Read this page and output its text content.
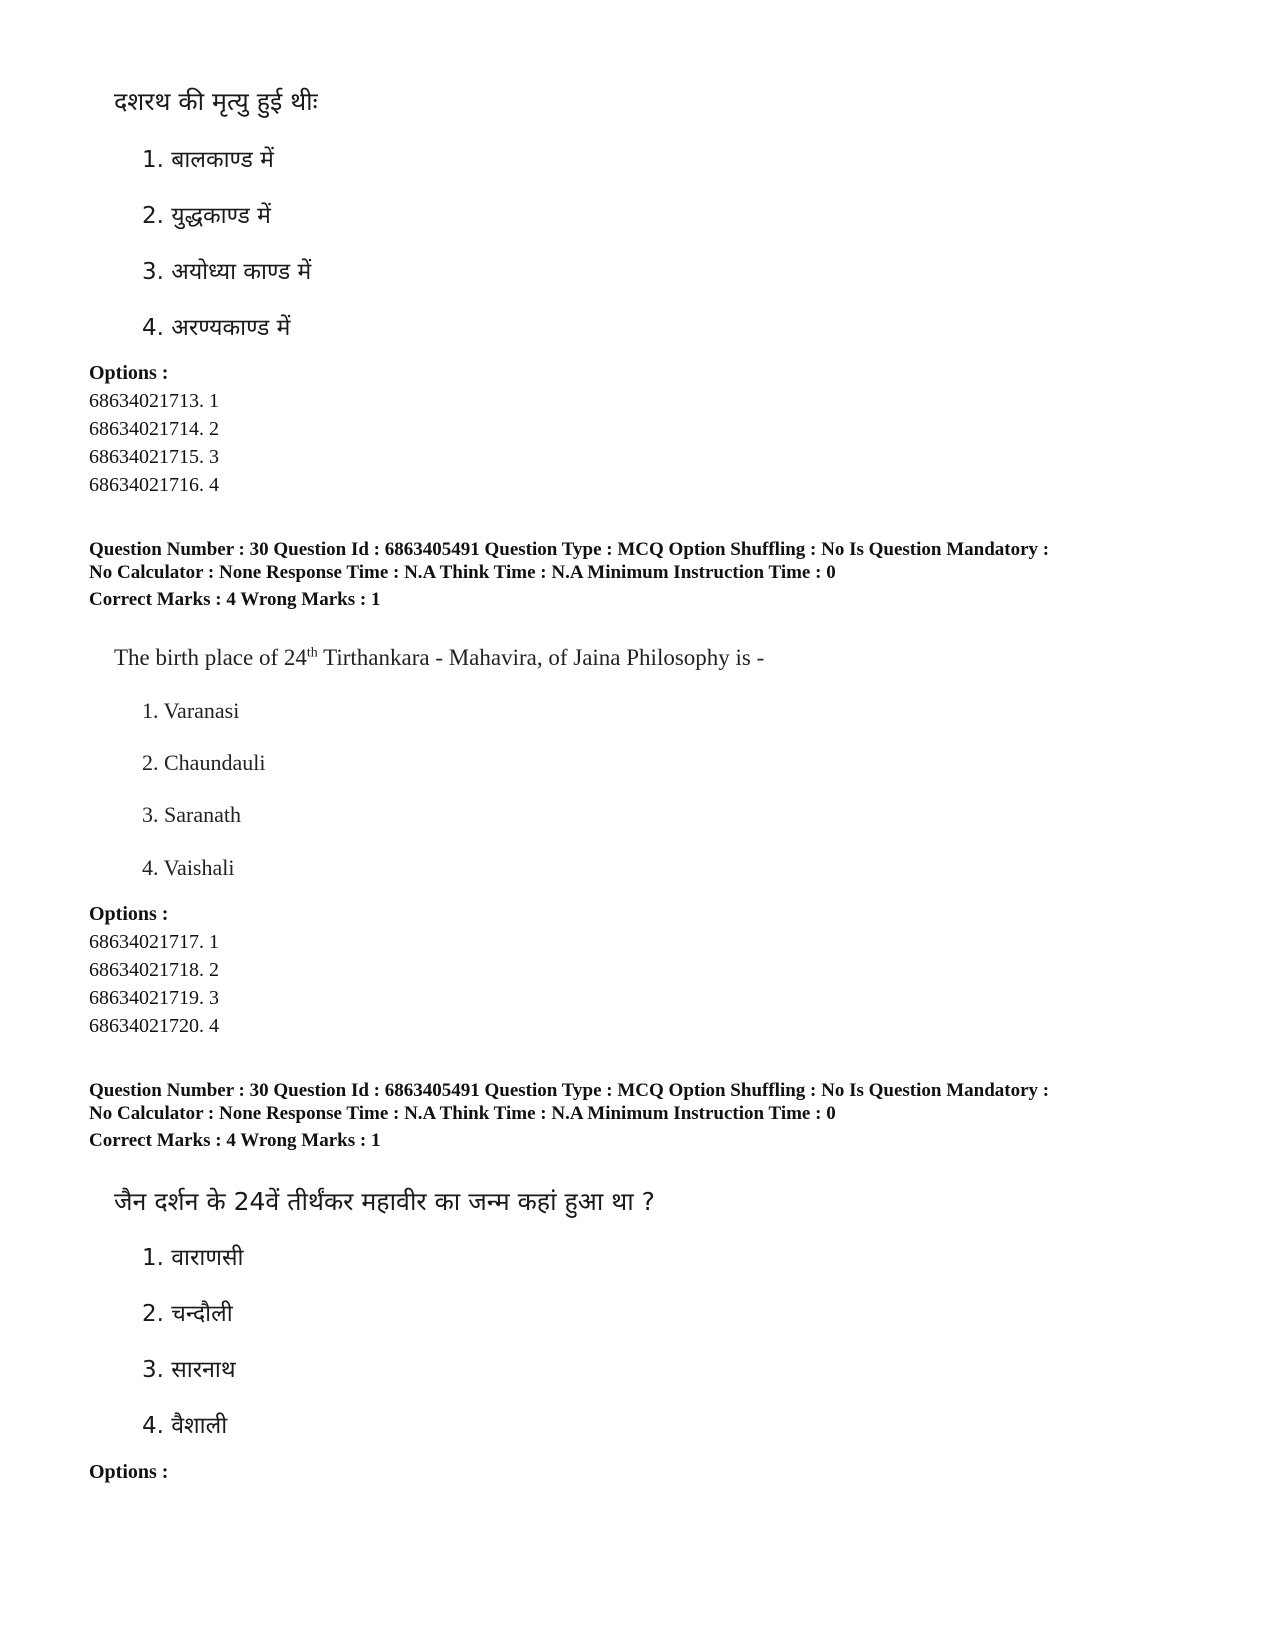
दशरथ की मृत्यु हुई थीः
1. बालकाण्ड में
2. युद्धकाण्ड में
3. अयोध्या काण्ड में
4. अरण्यकाण्ड में
Options :
68634021713. 1
68634021714. 2
68634021715. 3
68634021716. 4
Question Number : 30 Question Id : 6863405491 Question Type : MCQ Option Shuffling : No Is Question Mandatory :
No Calculator : None Response Time : N.A Think Time : N.A Minimum Instruction Time : 0
Correct Marks : 4 Wrong Marks : 1
The birth place of 24th Tirthankara - Mahavira, of Jaina Philosophy is -
1. Varanasi
2. Chaundauli
3. Saranath
4. Vaishali
Options :
68634021717. 1
68634021718. 2
68634021719. 3
68634021720. 4
Question Number : 30 Question Id : 6863405491 Question Type : MCQ Option Shuffling : No Is Question Mandatory :
No Calculator : None Response Time : N.A Think Time : N.A Minimum Instruction Time : 0
Correct Marks : 4 Wrong Marks : 1
जैन दर्शन के 24वें तीर्थंकर महावीर का जन्म कहां हुआ था ?
1. वाराणसी
2. चन्दौली
3. सारनाथ
4. वैशाली
Options :
